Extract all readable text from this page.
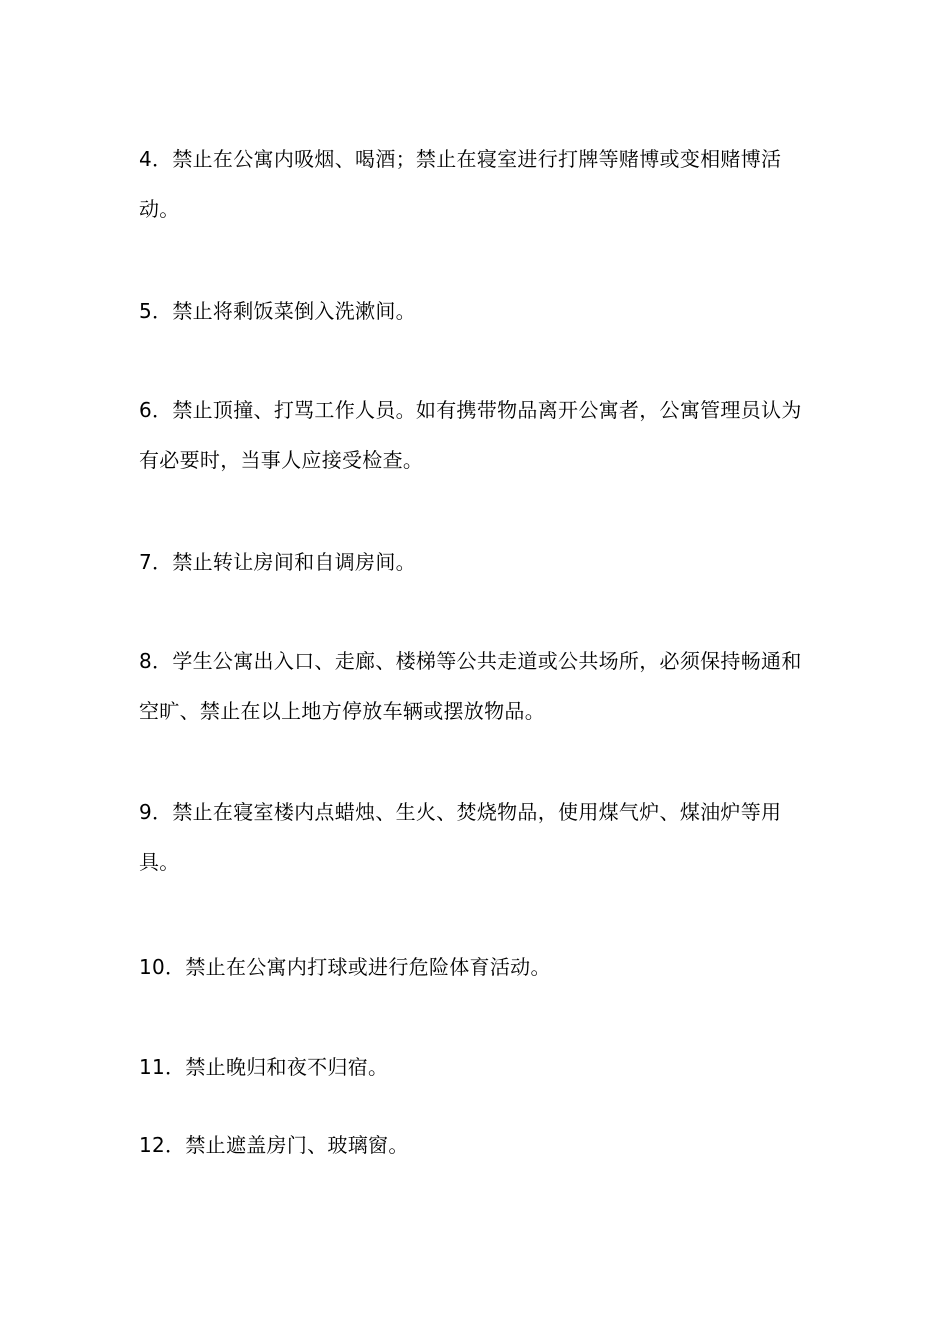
4．禁止在公寓内吸烟、喝酒；禁止在寝室进行打牌等赌博或变相赌博活动。

5．禁止将剩饭菜倒入洗漱间。

6．禁止顶撞、打骂工作人员。如有携带物品离开公寓者，公寓管理员认为有必要时，当事人应接受检查。

7．禁止转让房间和自调房间。

8．学生公寓出入口、走廊、楼梯等公共走道或公共场所，必须保持畅通和空旷、禁止在以上地方停放车辆或摆放物品。

9．禁止在寝室楼内点蜡烛、生火、焚烧物品，使用煤气炉、煤油炉等用具。

10．禁止在公寓内打球或进行危险体育活动。

11．禁止晚归和夜不归宿。

12．禁止遮盖房门、玻璃窗。
